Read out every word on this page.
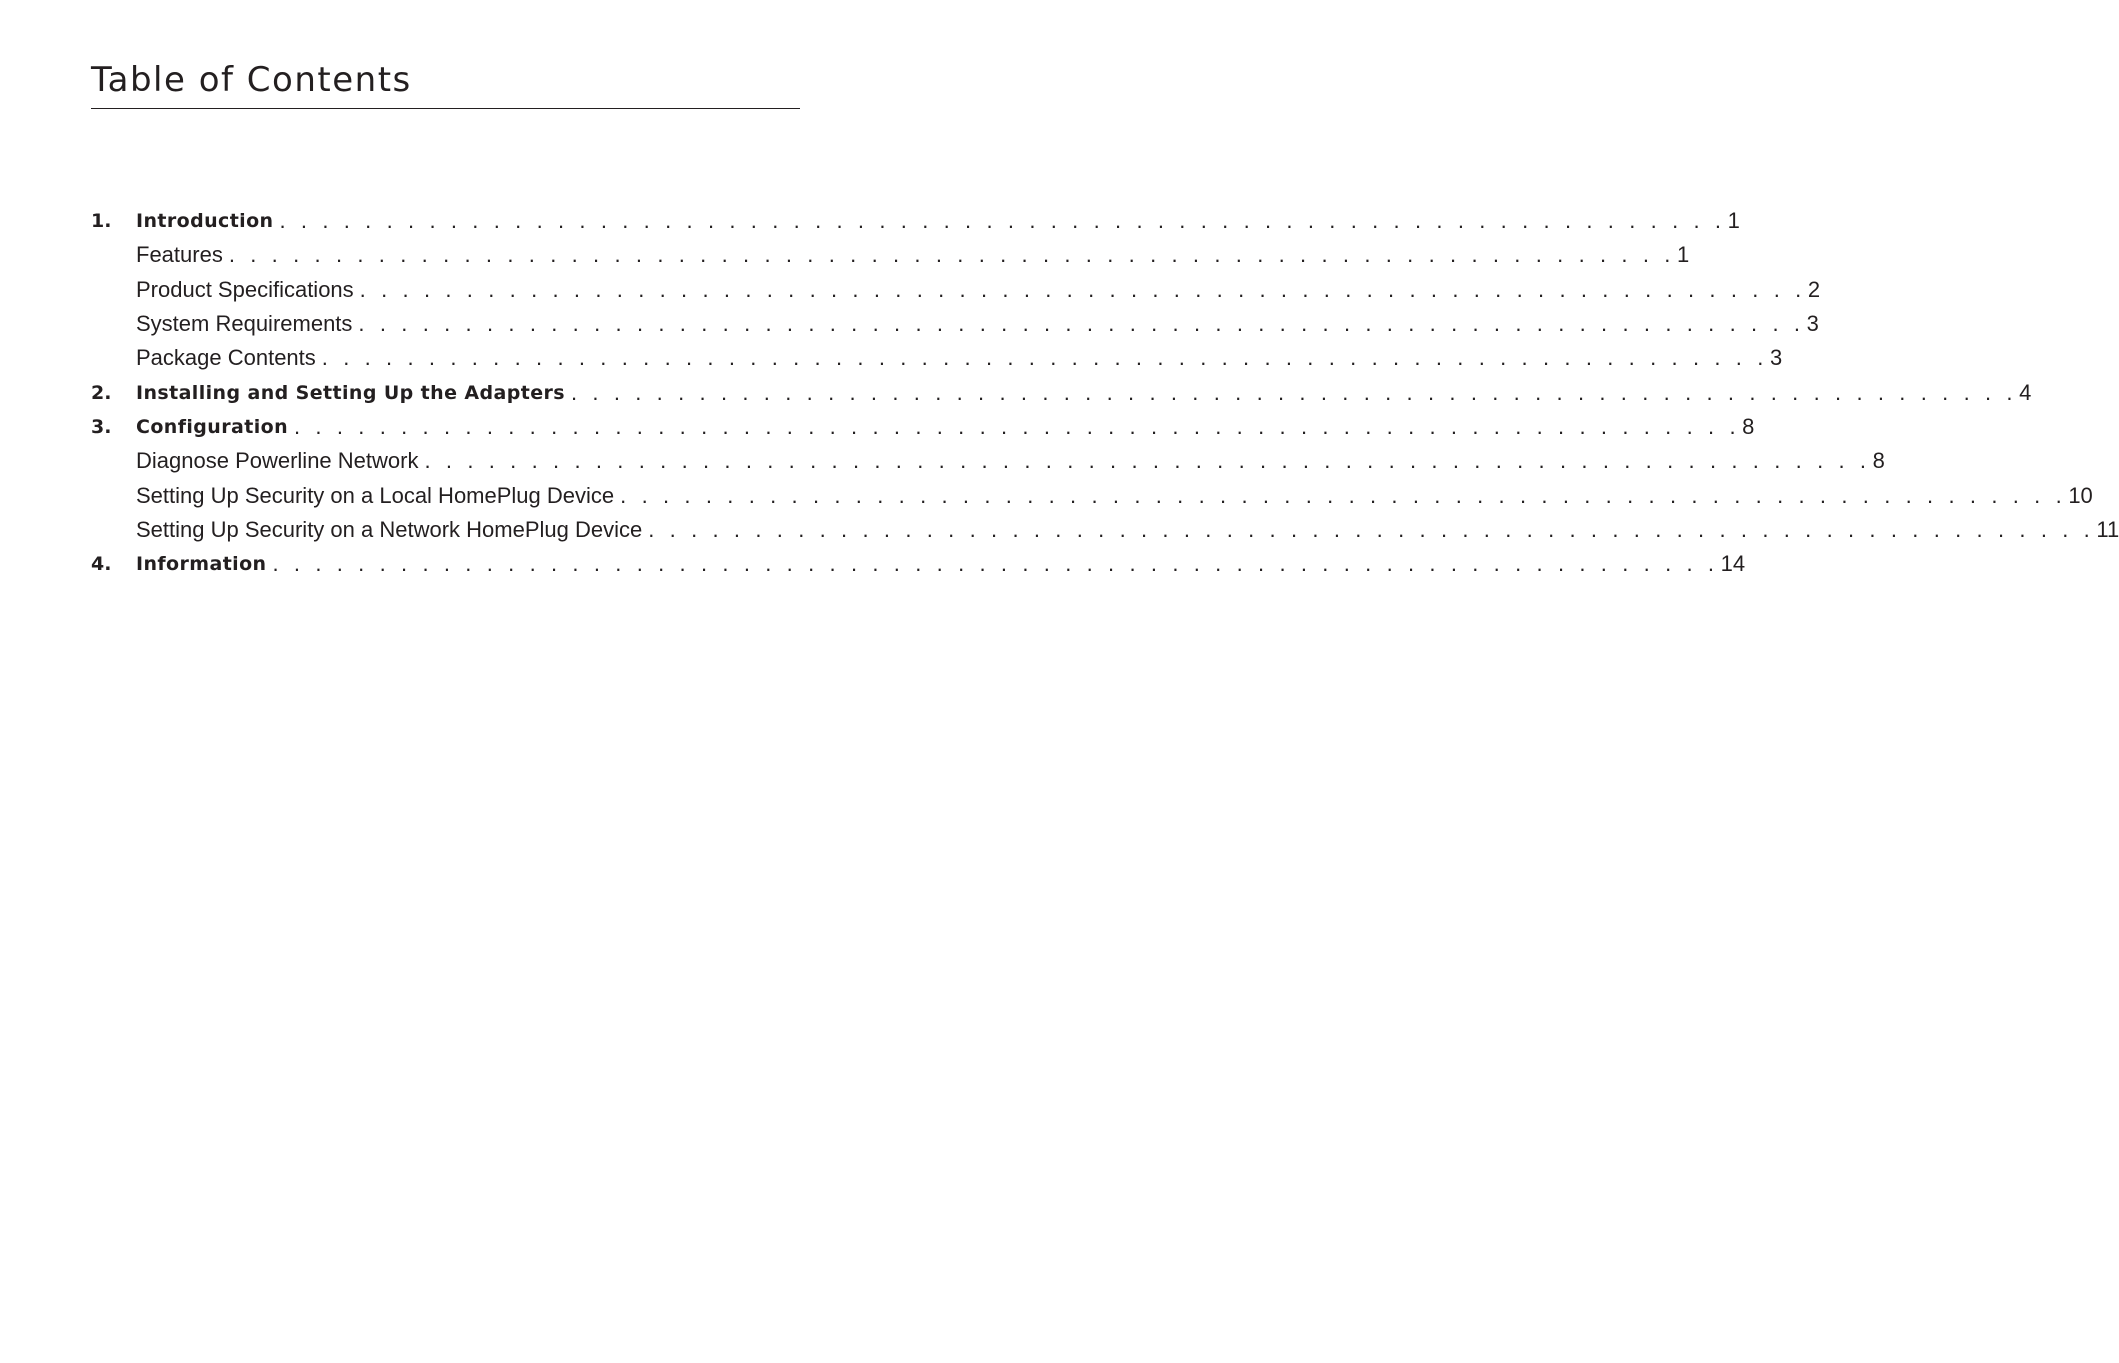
Table of Contents
1.	Introduction . . . . . . . . . . . . . . . . . . . . . . . . . . . . . . . . . . . . . . . . . . . . . . . . . . . . . . . . . . . . . . . . . . . . 1
Features . . . . . . . . . . . . . . . . . . . . . . . . . . . . . . . . . . . . . . . . . . . . . . . . . . . . . . . . . . . . . . . . . . . . 1
Product Specifications . . . . . . . . . . . . . . . . . . . . . . . . . . . . . . . . . . . . . . . . . . . . . . . . . . . . . . . . . . . . . . . . . . . . 2
System Requirements . . . . . . . . . . . . . . . . . . . . . . . . . . . . . . . . . . . . . . . . . . . . . . . . . . . . . . . . . . . . . . . . . . . . 3
Package Contents . . . . . . . . . . . . . . . . . . . . . . . . . . . . . . . . . . . . . . . . . . . . . . . . . . . . . . . . . . . . . . . . . . . . 3
2.	Installing and Setting Up the Adapters . . . . . . . . . . . . . . . . . . . . . . . . . . . . . . . . . . . . . . . . . . . . . . . . . . . . . . . . . . . . . . . . . . . . 4
3.	Configuration . . . . . . . . . . . . . . . . . . . . . . . . . . . . . . . . . . . . . . . . . . . . . . . . . . . . . . . . . . . . . . . . . . . . 8
Diagnose Powerline Network . . . . . . . . . . . . . . . . . . . . . . . . . . . . . . . . . . . . . . . . . . . . . . . . . . . . . . . . . . . . . . . . . . . . 8
Setting Up Security on a Local HomePlug Device . . . . . . . . . . . . . . . . . . . . . . . . . . . . . . . . . . . . . . . . . . . . . . . . . . . . . . . . . . . . . . . . . . . . 10
Setting Up Security on a Network HomePlug Device . . . . . . . . . . . . . . . . . . . . . . . . . . . . . . . . . . . . . . . . . . . . . . . . . . . . . . . . . . . . . . . . . . . . 11
4.	Information . . . . . . . . . . . . . . . . . . . . . . . . . . . . . . . . . . . . . . . . . . . . . . . . . . . . . . . . . . . . . . . . . . . . 14
